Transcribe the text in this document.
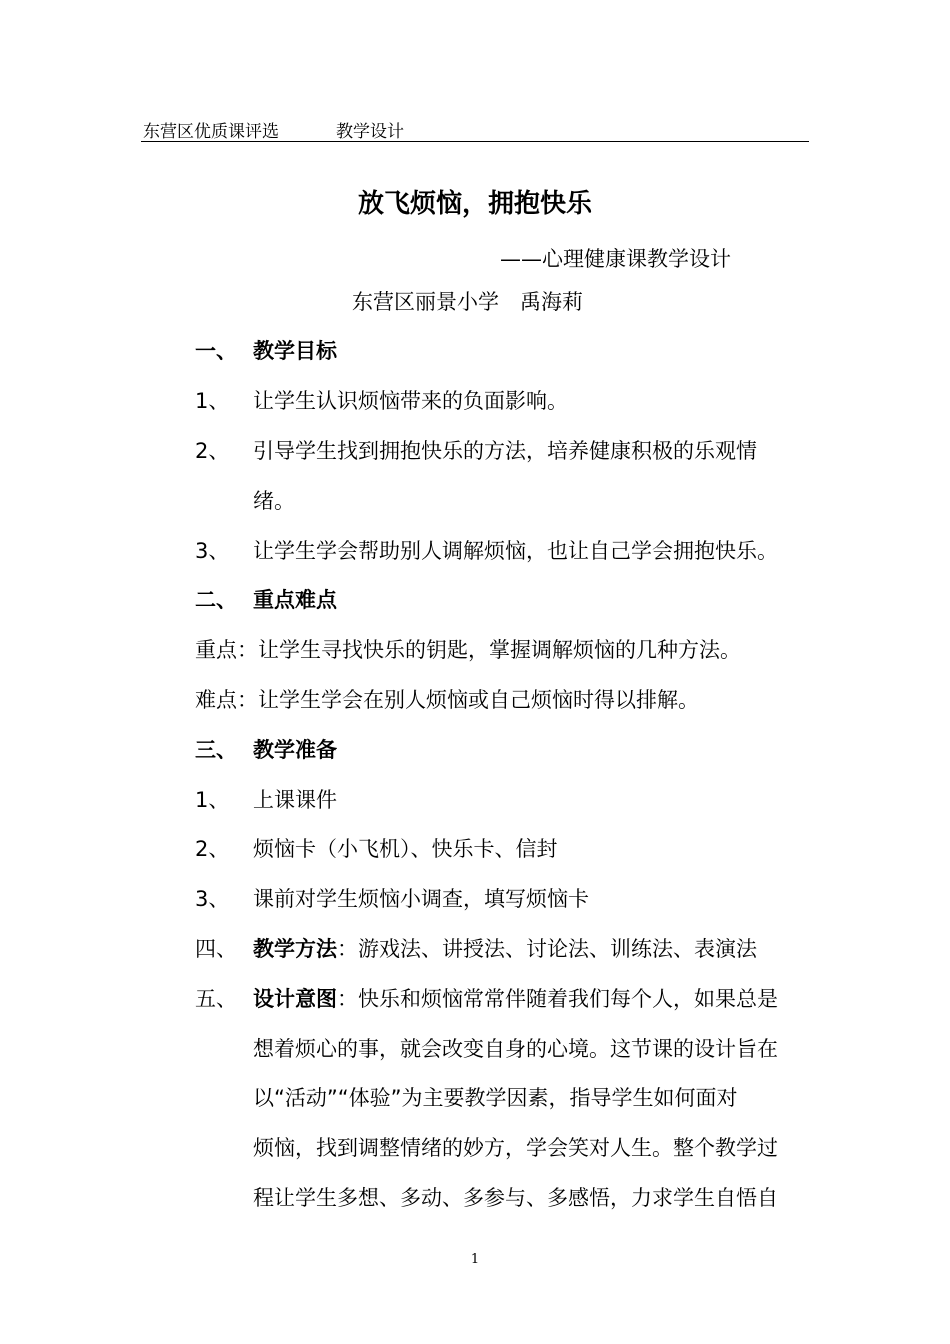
东营区优质课评选	教学设计
放飞烦恼，拥抱快乐
——心理健康课教学设计
东营区丽景小学　禹海莉
一、 教学目标
1、 让学生认识烦恼带来的负面影响。
2、 引导学生找到拥抱快乐的方法，培养健康积极的乐观情
绪。
3、 让学生学会帮助别人调解烦恼，也让自己学会拥抱快乐。
二、 重点难点
重点：让学生寻找快乐的钥匙，掌握调解烦恼的几种方法。
难点：让学生学会在别人烦恼或自己烦恼时得以排解。
三、 教学准备
1、 上课课件
2、 烦恼卡（小飞机）、快乐卡、信封
3、 课前对学生烦恼小调查，填写烦恼卡
四、 教学方法：游戏法、讲授法、讨论法、训练法、表演法
五、 设计意图：快乐和烦恼常常伴随着我们每个人，如果总是
想着烦心的事，就会改变自身的心境。这节课的设计旨在
以“活动”“体验”为主要教学因素，指导学生如何面对
烦恼，找到调整情绪的妙方，学会笑对人生。整个教学过
程让学生多想、多动、多参与、多感悟，力求学生自悟自
1
